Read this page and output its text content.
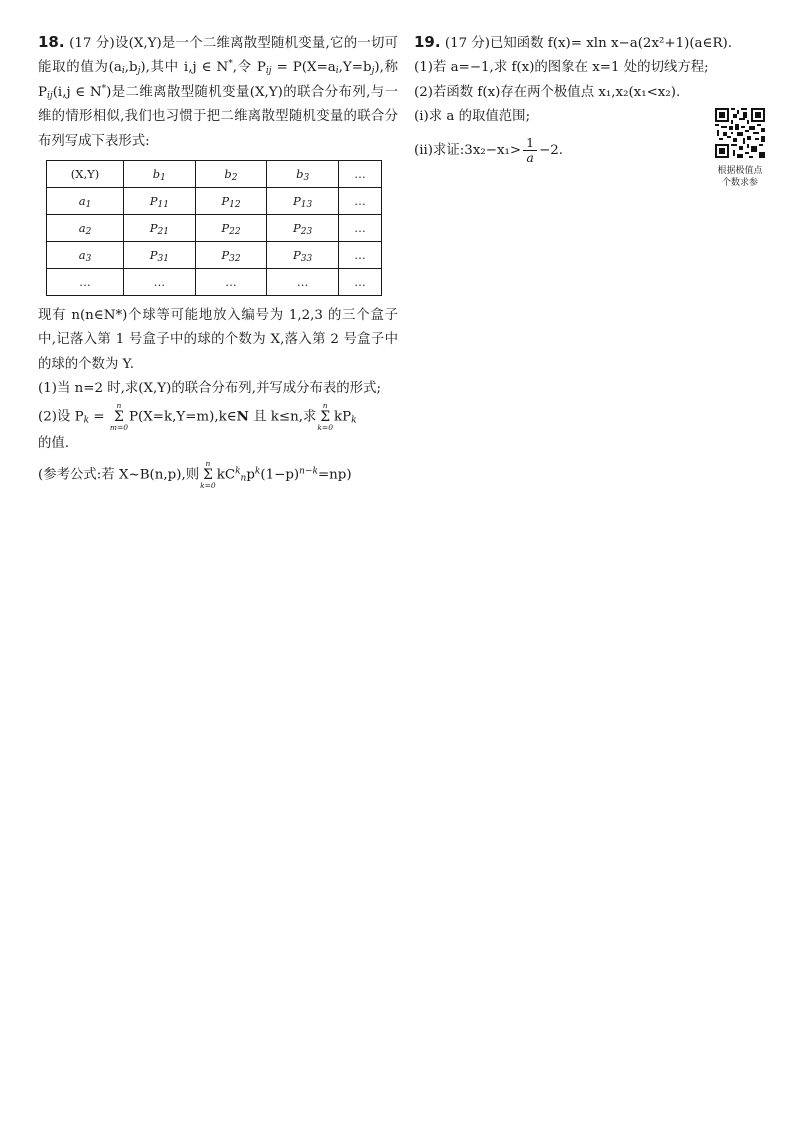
18. (17 分)设(X,Y)是一个二维离散型随机变量,它的一切可能取的值为$(a_i,b_j)$,其中 i,j ∈ N*,令 $P_{ij} = P(X=a_i,Y=b_j)$,称 $P_{ij}(i,j$ ∈ N*)是二维离散型随机变量(X,Y)的联合分布列,与一维的情形相似,我们也习惯于把二维离散型随机变量的联合分布列写成下表形式:

(X,Y)	$b_1$	$b_2$	$b_3$	…
$a_1$	$P_{11}$	$P_{12}$	$P_{13}$	…
$a_2$	$P_{21}$	$P_{22}$	$P_{23}$	…
$a_3$	$P_{31}$	$P_{32}$	$P_{33}$	…
…	…	…	…	…

现有 n(n∈N*)个球等可能地放入编号为 1,2,3 的三个盒子中,记落入第 1 号盒子中的球的个数为 X,落入第 2 号盒子中的球的个数为 Y.

(1)当 n=2 时,求(X,Y)的联合分布列,并写成分布表的形式;

(2)设 $P_k$ =
n
Σ
m=0
P(X=k,Y=m),k∈N 且 k≤n,求
n
Σ
k=0
$kP_k$
的值.

(参考公式:若 X~B(n,p),则
n
Σ
k=0
$kC^k_np^k(1-p)^{n-k}=np$)

19. (17 分)已知函数 f(x)= xln x−a(2x²+1)(a∈R).

(1)若 a=−1,求 f(x)的图象在 x=1 处的切线方程;

(2)若函数 f(x)存在两个极值点 x₁,x₂(x₁<x₂).

(i)求 a 的取值范围;

(ii)求证:3x₂−x₁> $\frac{1}{a} -2$.

根据极值点
个数求参
